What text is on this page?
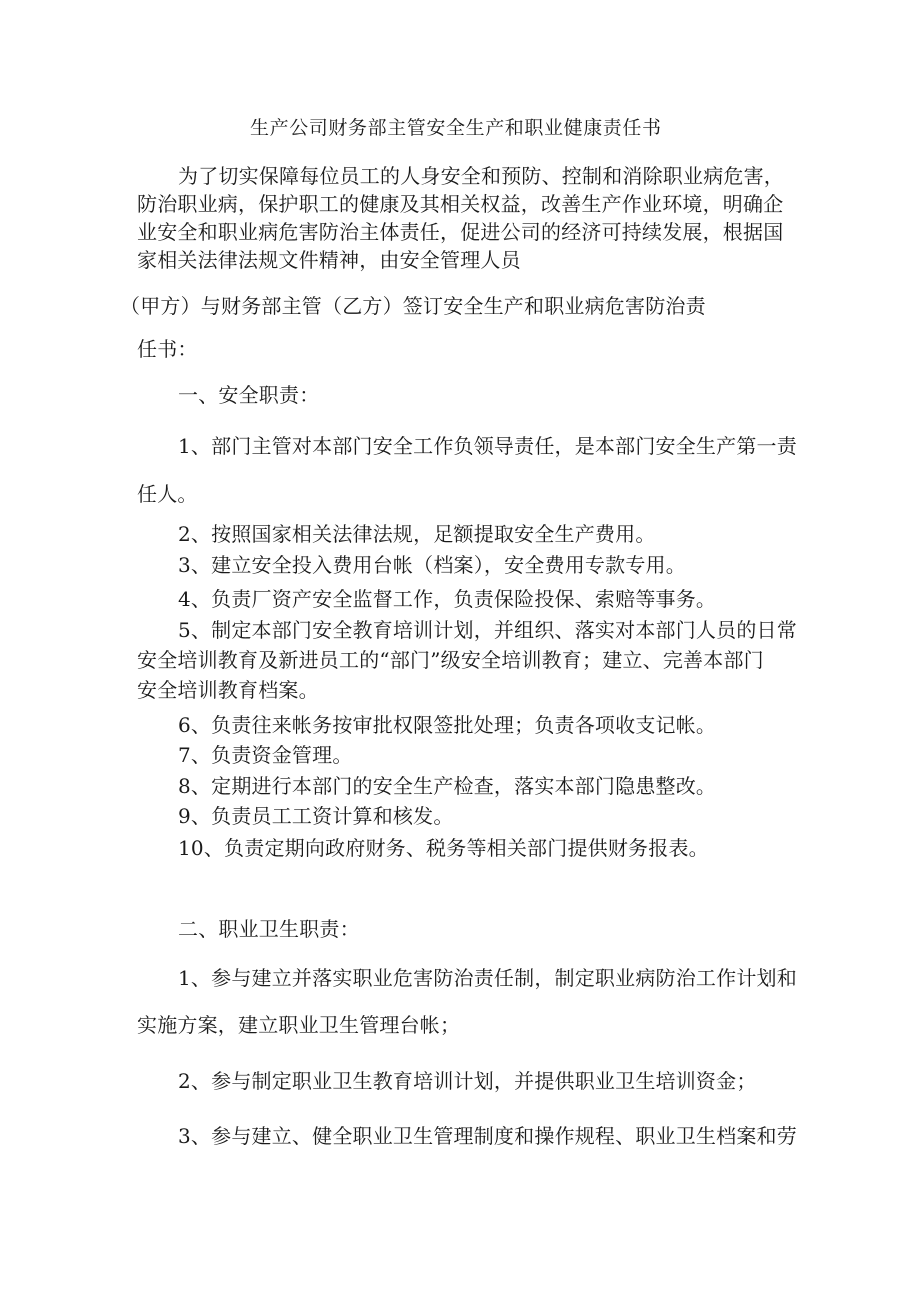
生产公司财务部主管安全生产和职业健康责任书
为了切实保障每位员工的人身安全和预防、控制和消除职业病危害，
防治职业病，保护职工的健康及其相关权益，改善生产作业环境，明确企
业安全和职业病危害防治主体责任，促进公司的经济可持续发展，根据国
家相关法律法规文件精神，由安全管理人员
（甲方）与财务部主管（乙方）签订安全生产和职业病危害防治责
任书：
一、安全职责：
1、部门主管对本部门安全工作负领导责任，是本部门安全生产第一责
任人。
2、按照国家相关法律法规，足额提取安全生产费用。
3、建立安全投入费用台帐（档案），安全费用专款专用。
4、负责厂资产安全监督工作，负责保险投保、索赔等事务。
5、制定本部门安全教育培训计划，并组织、落实对本部门人员的日常
安全培训教育及新进员工的“部门”级安全培训教育；建立、完善本部门
安全培训教育档案。
6、负责往来帐务按审批权限签批处理；负责各项收支记帐。
7、负责资金管理。
8、定期进行本部门的安全生产检查，落实本部门隐患整改。
9、负责员工工资计算和核发。
10、负责定期向政府财务、税务等相关部门提供财务报表。
二、职业卫生职责：
1、参与建立并落实职业危害防治责任制，制定职业病防治工作计划和
实施方案，建立职业卫生管理台帐；
2、参与制定职业卫生教育培训计划，并提供职业卫生培训资金；
3、参与建立、健全职业卫生管理制度和操作规程、职业卫生档案和劳
